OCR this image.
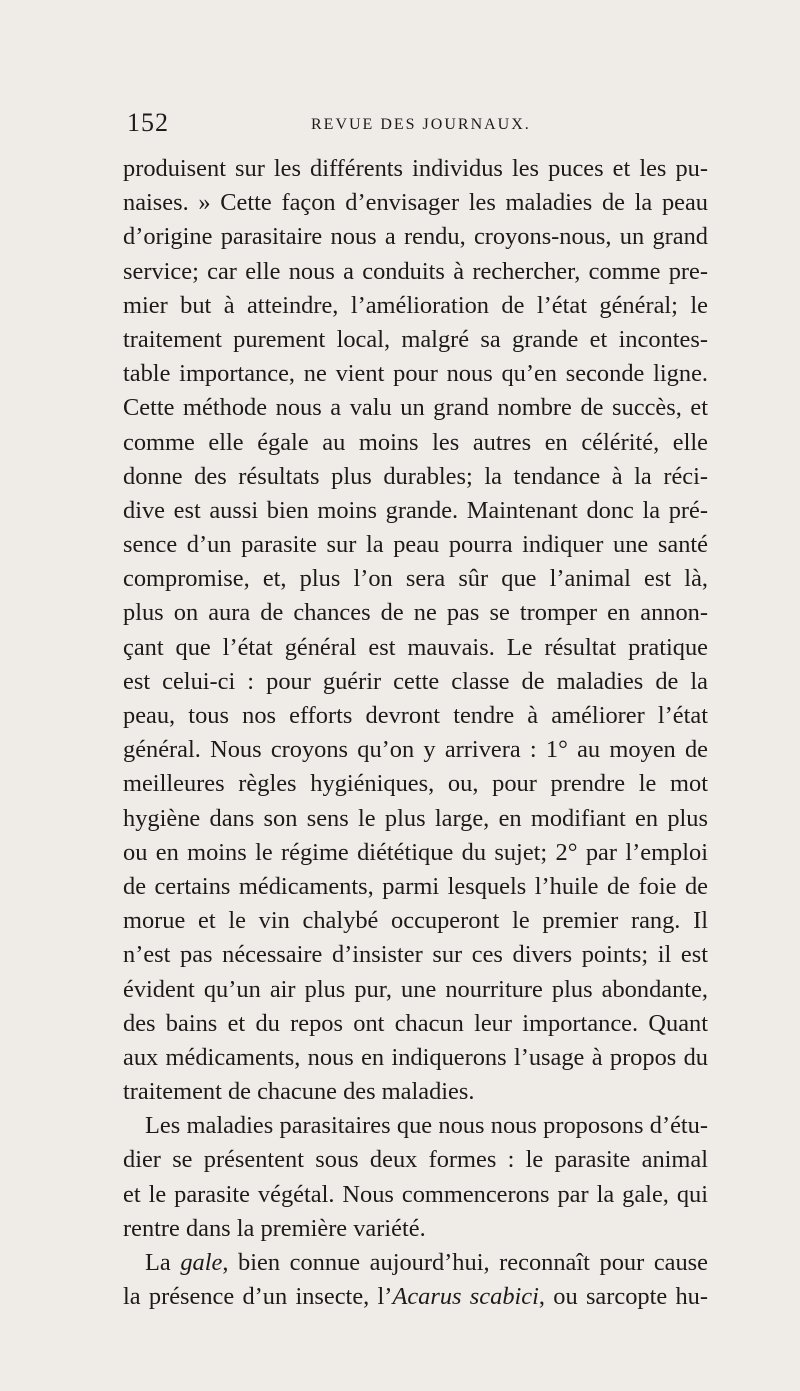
152	REVUE DES JOURNAUX.
produisent sur les différents individus les puces et les pu-
naises. » Cette façon d’envisager les maladies de la peau
d’origine parasitaire nous a rendu, croyons-nous, un grand
service; car elle nous a conduits à rechercher, comme pre-
mier but à atteindre, l’amélioration de l’état général; le
traitement purement local, malgré sa grande et incontes-
table importance, ne vient pour nous qu’en seconde ligne.
Cette méthode nous a valu un grand nombre de succès, et
comme elle égale au moins les autres en célérité, elle
donne des résultats plus durables; la tendance à la réci-
dive est aussi bien moins grande. Maintenant donc la pré-
sence d’un parasite sur la peau pourra indiquer une santé
compromise, et, plus l’on sera sûr que l’animal est là,
plus on aura de chances de ne pas se tromper en annon-
çant que l’état général est mauvais. Le résultat pratique
est celui-ci : pour guérir cette classe de maladies de la
peau, tous nos efforts devront tendre à améliorer l’état
général. Nous croyons qu’on y arrivera : 1° au moyen de
meilleures règles hygiéniques, ou, pour prendre le mot
hygiène dans son sens le plus large, en modifiant en plus
ou en moins le régime diététique du sujet; 2° par l’emploi
de certains médicaments, parmi lesquels l’huile de foie de
morue et le vin chalybé occuperont le premier rang. Il
n’est pas nécessaire d’insister sur ces divers points; il est
évident qu’un air plus pur, une nourriture plus abondante,
des bains et du repos ont chacun leur importance. Quant
aux médicaments, nous en indiquerons l’usage à propos du
traitement de chacune des maladies.
Les maladies parasitaires que nous nous proposons d’étu-
dier se présentent sous deux formes : le parasite animal
et le parasite végétal. Nous commencerons par la gale, qui
rentre dans la première variété.
La gale, bien connue aujourd’hui, reconnaît pour cause
la présence d’un insecte, l’Acarus scabici, ou sarcopte hu-
